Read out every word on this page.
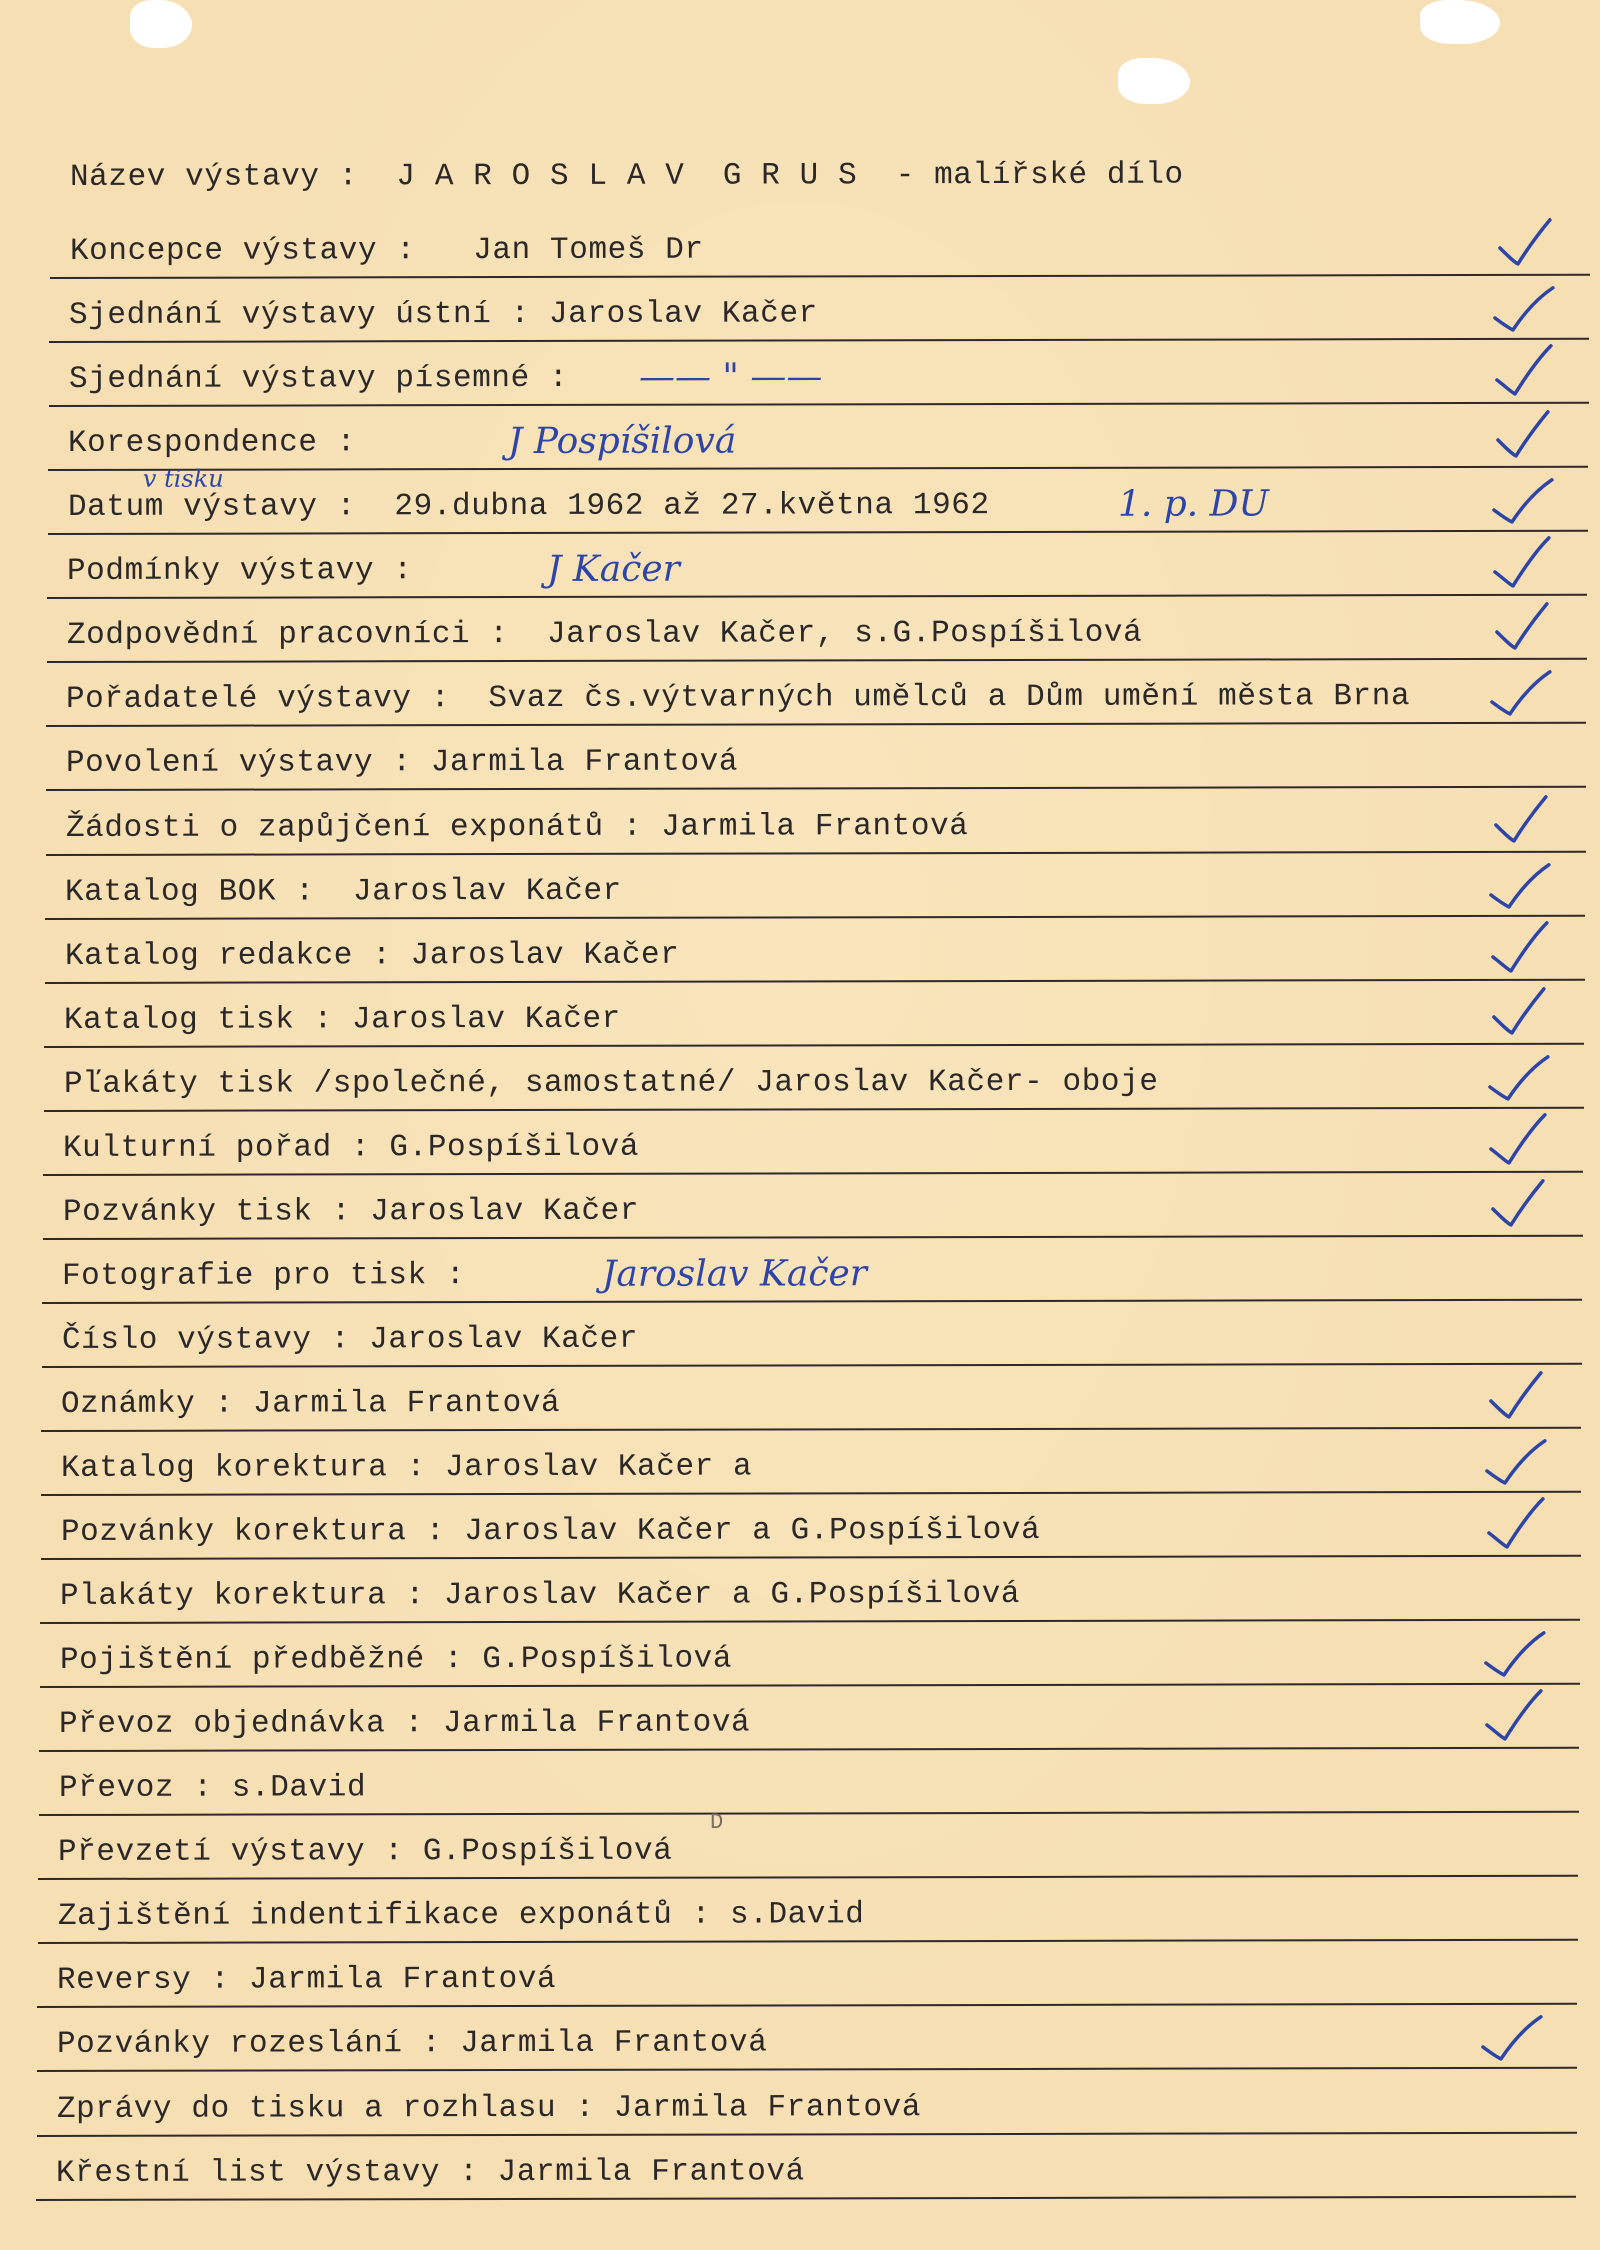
Název výstavy :  J A R O S L A V  G R U S  - malířské dílo
Koncepce výstavy :   Jan Tomeš Dr
Sjednání výstavy ústní : Jaroslav Kačer
Sjednání výstavy písemné : —— " ——
Korespondence :	J Pospíšilová
Datum výstavy :  29.dubna 1962 až 27.května 1962
v tisku
1. p. DU
Podmínky výstavy :	J Kačer
Zodpovědní pracovníci :  Jaroslav Kačer, s.G.Pospíšilová
Pořadatelé výstavy :  Svaz čs.výtvarných umělců a Dům umění města Brna
Povolení výstavy : Jarmila Frantová
Žádosti o zapůjčení exponátů : Jarmila Frantová
Katalog BOK :  Jaroslav Kačer
Katalog redakce : Jaroslav Kačer
Katalog tisk : Jaroslav Kačer
Pľakáty tisk /společné, samostatné/ Jaroslav Kačer- oboje
Kulturní pořad : G.Pospíšilová
Pozvánky tisk : Jaroslav Kačer
Fotografie pro tisk :	Jaroslav Kačer
Číslo výstavy : Jaroslav Kačer
Oznámky : Jarmila Frantová
Katalog korektura : Jaroslav Kačer a
Pozvánky korektura : Jaroslav Kačer a G.Pospíšilová
Plakáty korektura : Jaroslav Kačer a G.Pospíšilová
Pojištění předběžné : G.Pospíšilová
Převoz objednávka : Jarmila Frantová
Převoz : s.David
Převzetí výstavy : G.Pospíšilová
Zajištění indentifikace exponátů : s.David
Reversy : Jarmila Frantová
Pozvánky rozeslání : Jarmila Frantová
Zprávy do tisku a rozhlasu : Jarmila Frantová
Křestní list výstavy : Jarmila Frantová
D
